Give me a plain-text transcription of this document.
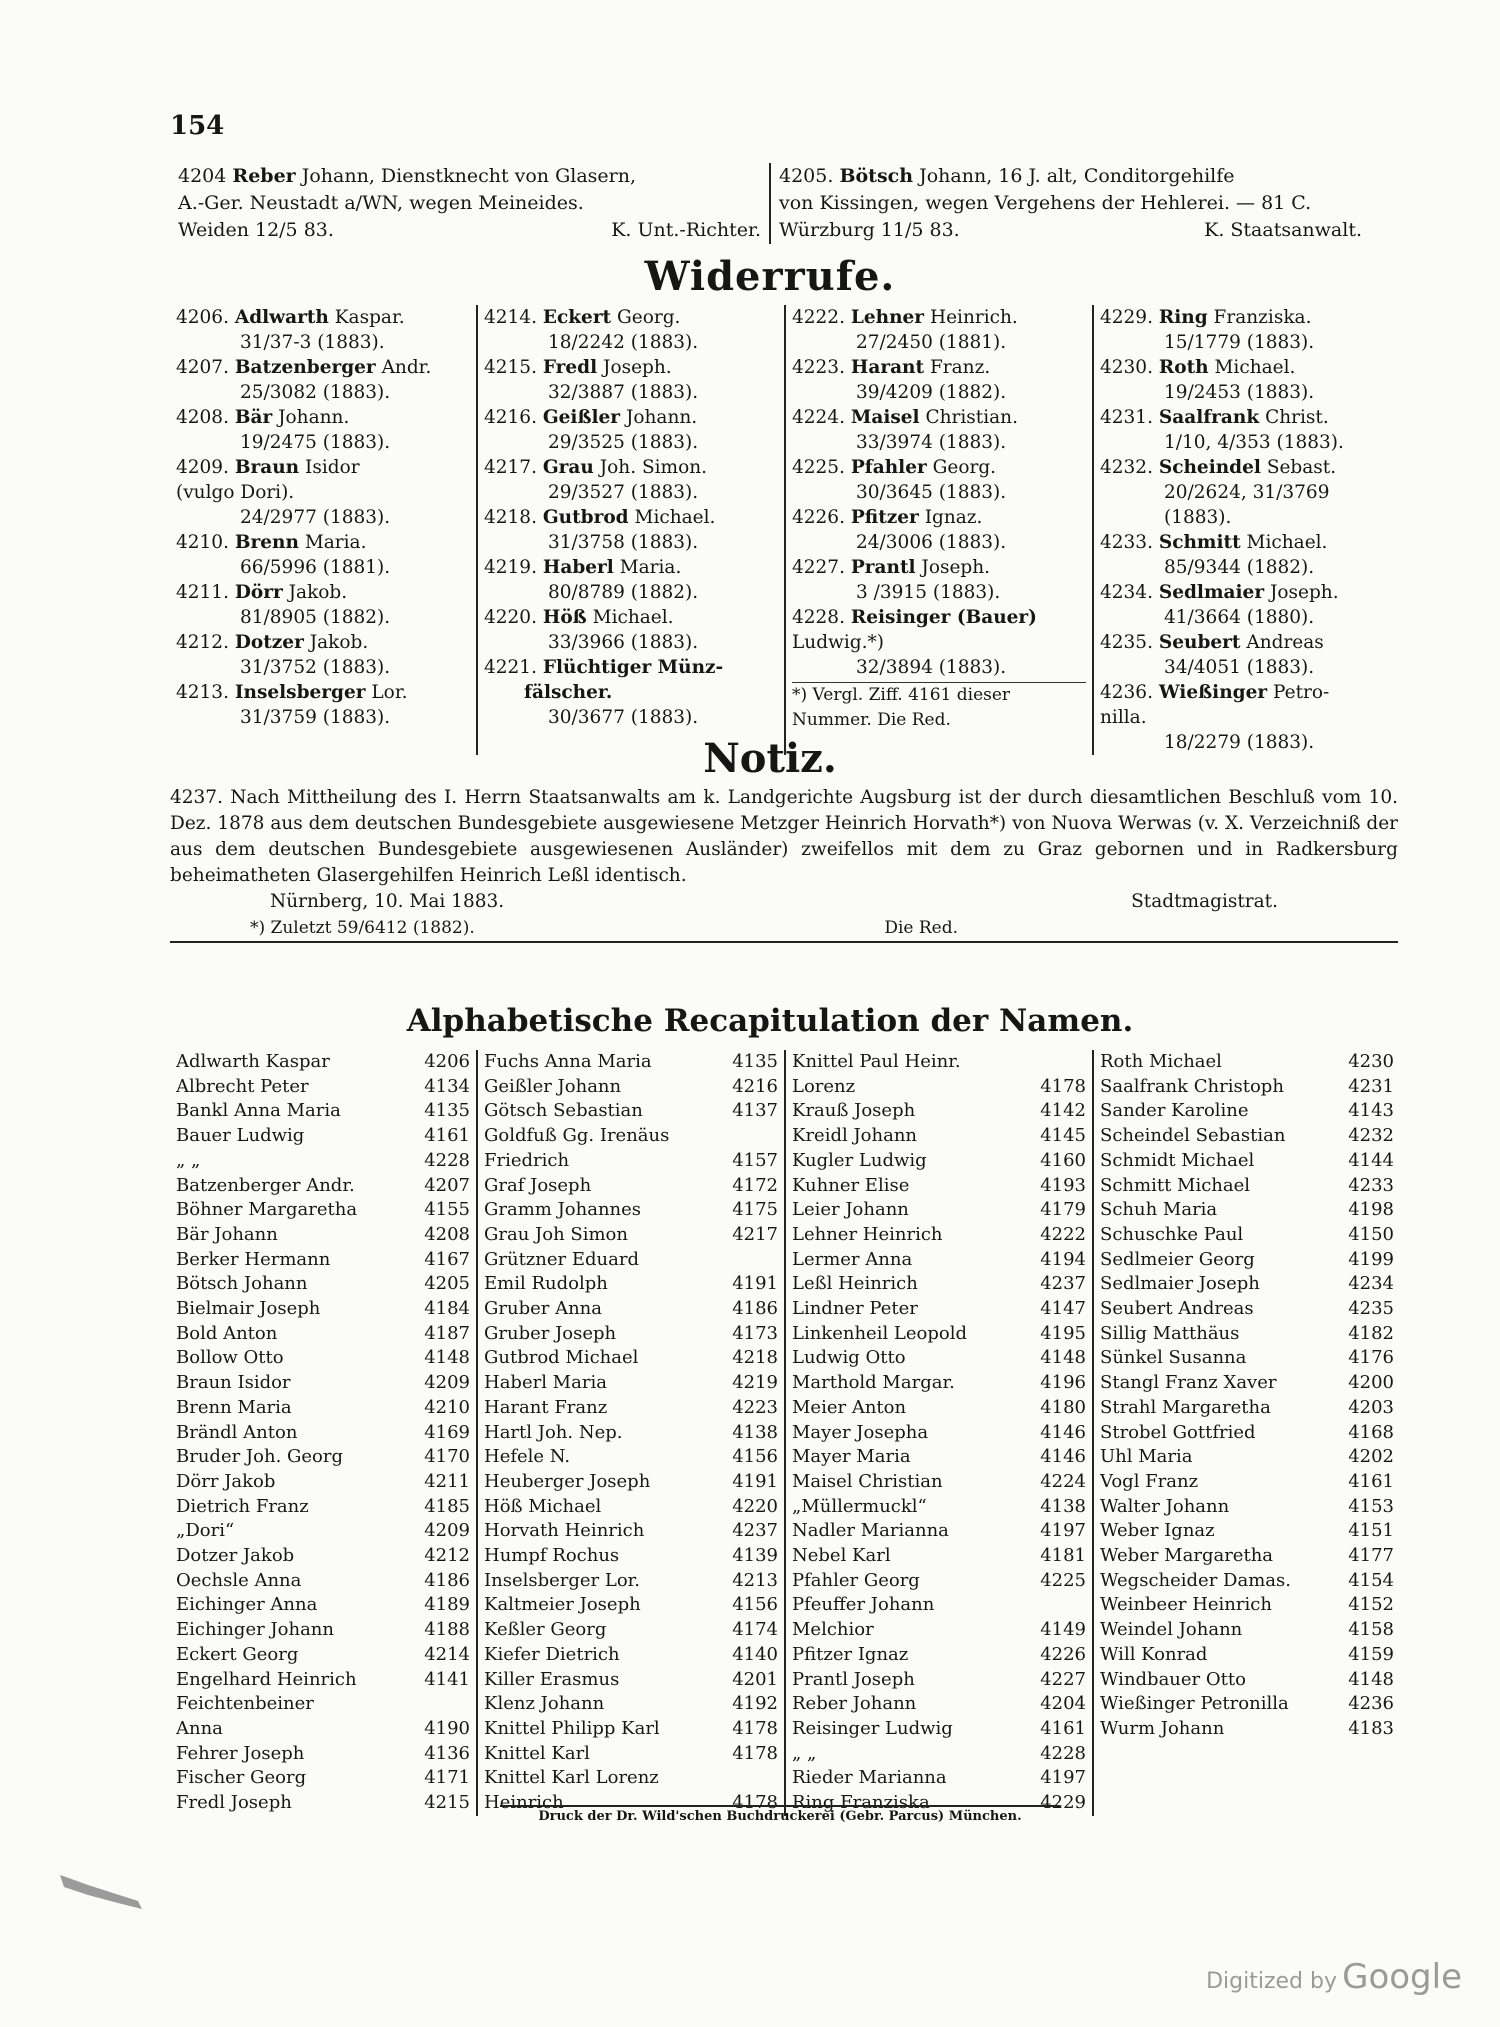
154
4204 Reber Johann, Dienstknecht von Glasern,
A.-Ger. Neustadt a/WN, wegen Meineides.
Weiden 12/5 83.	K. Unt.-Richter.
4205. Bötsch Johann, 16 J. alt, Conditorgehilfe
von Kissingen, wegen Vergehens der Hehlerei. — 81 C.
Würzburg 11/5 83.	K. Staatsanwalt.
Widerrufe.
4206. Adlwarth Kaspar.
31/37-3 (1883).
4207. Batzenberger Andr.
25/3082 (1883).
4208. Bär Johann.
19/2475 (1883).
4209. Braun Isidor
(vulgo Dori).
24/2977 (1883).
4210. Brenn Maria.
66/5996 (1881).
4211. Dörr Jakob.
81/8905 (1882).
4212. Dotzer Jakob.
31/3752 (1883).
4213. Inselsberger Lor.
31/3759 (1883).
4214. Eckert Georg.
18/2242 (1883).
4215. Fredl Joseph.
32/3887 (1883).
4216. Geißler Johann.
29/3525 (1883).
4217. Grau Joh. Simon.
29/3527 (1883).
4218. Gutbrod Michael.
31/3758 (1883).
4219. Haberl Maria.
80/8789 (1882).
4220. Höß Michael.
33/3966 (1883).
4221. Flüchtiger Münz-
fälscher.
30/3677 (1883).
4222. Lehner Heinrich.
27/2450 (1881).
4223. Harant Franz.
39/4209 (1882).
4224. Maisel Christian.
33/3974 (1883).
4225. Pfahler Georg.
30/3645 (1883).
4226. Pfitzer Ignaz.
24/3006 (1883).
4227. Prantl Joseph.
3 /3915 (1883).
4228. Reisinger (Bauer)
Ludwig.*)
32/3894 (1883).
*) Vergl. Ziff. 4161 dieser Nummer. Die Red.
4229. Ring Franziska.
15/1779 (1883).
4230. Roth Michael.
19/2453 (1883).
4231. Saalfrank Christ.
1/10, 4/353 (1883).
4232. Scheindel Sebast.
20/2624, 31/3769 (1883).
4233. Schmitt Michael.
85/9344 (1882).
4234. Sedlmaier Joseph.
41/3664 (1880).
4235. Seubert Andreas
34/4051 (1883).
4236. Wießinger Petro-
nilla.
18/2279 (1883).
Notiz.
4237. Nach Mittheilung des I. Herrn Staatsanwalts am k. Landgerichte Augsburg ist der durch diesamtlichen Beschluß vom 10. Dez. 1878 aus dem deutschen Bundesgebiete ausgewiesene Metzger Heinrich Horvath*) von Nuova Werwas (v. X. Verzeichniß der aus dem deutschen Bundesgebiete ausgewiesenen Ausländer) zweifellos mit dem zu Graz gebornen und in Radkersburg beheimatheten Glasergehilfen Heinrich Leßl identisch.
Nürnberg, 10. Mai 1883.	Stadtmagistrat.
*) Zuletzt 59/6412 (1882).	Die Red.
Alphabetische Recapitulation der Namen.
Adlwarth Kaspar	4206
Albrecht Peter	4134
Bankl Anna Maria	4135
Bauer Ludwig	4161
„ „	4228
Batzenberger Andr.	4207
Böhner Margaretha	4155
Bär Johann	4208
Berker Hermann	4167
Bötsch Johann	4205
Bielmair Joseph	4184
Bold Anton	4187
Bollow Otto	4148
Braun Isidor	4209
Brenn Maria	4210
Brändl Anton	4169
Bruder Joh. Georg	4170
Dörr Jakob	4211
Dietrich Franz	4185
„Dori“	4209
Dotzer Jakob	4212
Oechsle Anna	4186
Eichinger Anna	4189
Eichinger Johann	4188
Eckert Georg	4214
Engelhard Heinrich	4141
Feichtenbeiner
Anna	4190
Fehrer Joseph	4136
Fischer Georg	4171
Fredl Joseph	4215
Fuchs Anna Maria	4135
Geißler Johann	4216
Götsch Sebastian	4137
Goldfuß Gg. Irenäus
Friedrich	4157
Graf Joseph	4172
Gramm Johannes	4175
Grau Joh Simon	4217
Grützner Eduard
Emil Rudolph	4191
Gruber Anna	4186
Gruber Joseph	4173
Gutbrod Michael	4218
Haberl Maria	4219
Harant Franz	4223
Hartl Joh. Nep.	4138
Hefele N.	4156
Heuberger Joseph	4191
Höß Michael	4220
Horvath Heinrich	4237
Humpf Rochus	4139
Inselsberger Lor.	4213
Kaltmeier Joseph	4156
Keßler Georg	4174
Kiefer Dietrich	4140
Killer Erasmus	4201
Klenz Johann	4192
Knittel Philipp Karl	4178
Knittel Karl	4178
Knittel Karl Lorenz
Heinrich	4178
Knittel Paul Heinr.
Lorenz	4178
Krauß Joseph	4142
Kreidl Johann	4145
Kugler Ludwig	4160
Kuhner Elise	4193
Leier Johann	4179
Lehner Heinrich	4222
Lermer Anna	4194
Leßl Heinrich	4237
Lindner Peter	4147
Linkenheil Leopold	4195
Ludwig Otto	4148
Marthold Margar.	4196
Meier Anton	4180
Mayer Josepha	4146
Mayer Maria	4146
Maisel Christian	4224
„Müllermuckl“	4138
Nadler Marianna	4197
Nebel Karl	4181
Pfahler Georg	4225
Pfeuffer Johann
Melchior	4149
Pfitzer Ignaz	4226
Prantl Joseph	4227
Reber Johann	4204
Reisinger Ludwig	4161
„ „	4228
Rieder Marianna	4197
Ring Franziska	4229
Roth Michael	4230
Saalfrank Christoph	4231
Sander Karoline	4143
Scheindel Sebastian	4232
Schmidt Michael	4144
Schmitt Michael	4233
Schuh Maria	4198
Schuschke Paul	4150
Sedlmeier Georg	4199
Sedlmaier Joseph	4234
Seubert Andreas	4235
Sillig Matthäus	4182
Sünkel Susanna	4176
Stangl Franz Xaver	4200
Strahl Margaretha	4203
Strobel Gottfried	4168
Uhl Maria	4202
Vogl Franz	4161
Walter Johann	4153
Weber Ignaz	4151
Weber Margaretha	4177
Wegscheider Damas.	4154
Weinbeer Heinrich	4152
Weindel Johann	4158
Will Konrad	4159
Windbauer Otto	4148
Wießinger Petronilla	4236
Wurm Johann	4183
Druck der Dr. Wild'schen Buchdruckerei (Gebr. Parcus) München.
Digitized by Google
